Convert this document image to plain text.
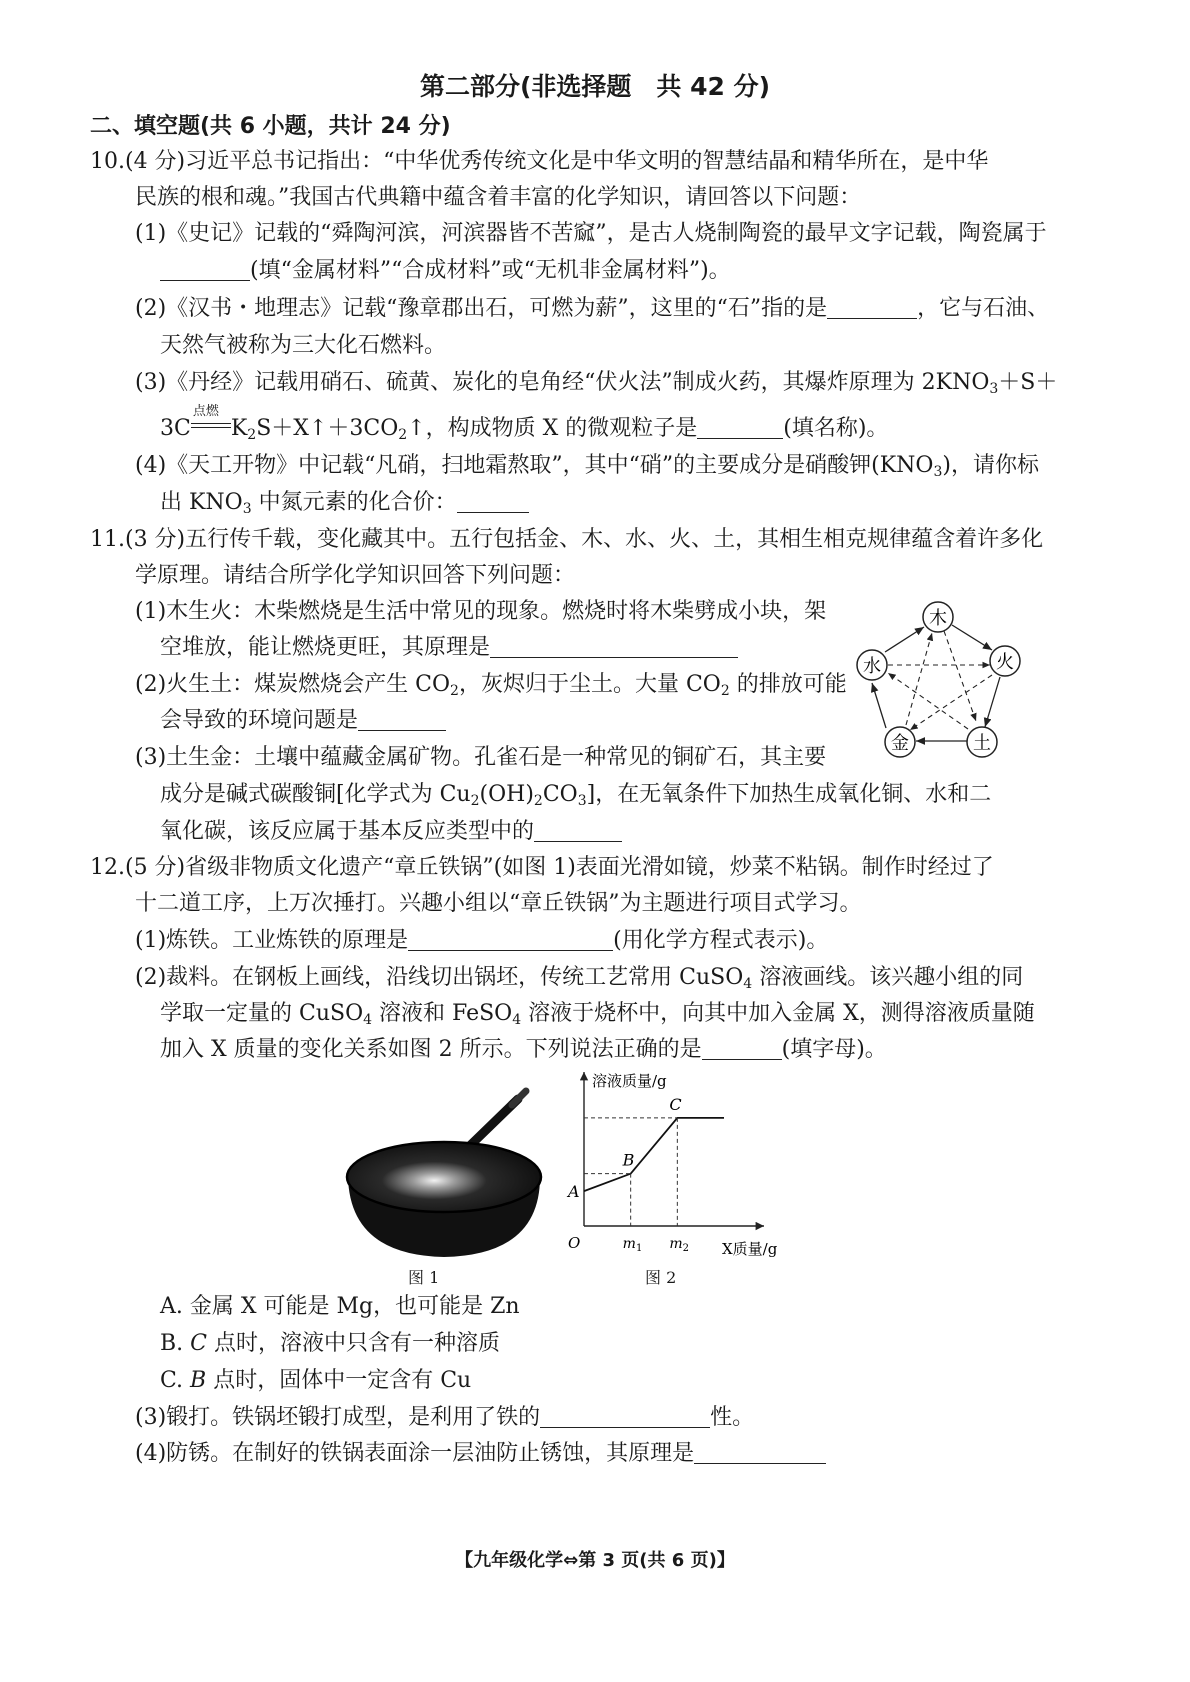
第二部分(非选择题　共 42 分)
二、填空题(共 6 小题，共计 24 分)
10.(4 分)习近平总书记指出：“中华优秀传统文化是中华文明的智慧结晶和精华所在，是中华
民族的根和魂。”我国古代典籍中蕴含着丰富的化学知识，请回答以下问题：
(1)《史记》记载的“舜陶河滨，河滨器皆不苦窳”，是古人烧制陶瓷的最早文字记载，陶瓷属于
(填“金属材料”“合成材料”或“无机非金属材料”)。
(2)《汉书・地理志》记载“豫章郡出石，可燃为薪”，这里的“石”指的是	，它与石油、
天然气被称为三大化石燃料。
(3)《丹经》记载用硝石、硫黄、炭化的皂角经“伏火法”制成火药，其爆炸原理为 $2KNO_3+S+$
3C
点燃
$K_2S+X↑+3CO_2↑$，构成物质 X 的微观粒子是	(填名称)。
(4)《天工开物》中记载“凡硝，扫地霜熬取”，其中“硝”的主要成分是硝酸钾$(KNO_3)$，请你标
出 $KNO_3$ 中氮元素的化合价：
11.(3 分)五行传千载，变化藏其中。五行包括金、木、水、火、土，其相生相克规律蕴含着许多化
学原理。请结合所学化学知识回答下列问题：
(1)木生火：木柴燃烧是生活中常见的现象。燃烧时将木柴劈成小块，架
空堆放，能让燃烧更旺，其原理是
(2)火生土：煤炭燃烧会产生 $CO_2$，灰烬归于尘土。大量 $CO_2$ 的排放可能
会导致的环境问题是
(3)土生金：土壤中蕴藏金属矿物。孔雀石是一种常见的铜矿石，其主要
成分是碱式碳酸铜[化学式为 $Cu_2(OH)_2CO_3$]，在无氧条件下加热生成氧化铜、水和二
氧化碳，该反应属于基本反应类型中的
木
火
土
金
水
12.(5 分)省级非物质文化遗产“章丘铁锅”(如图 1)表面光滑如镜，炒菜不粘锅。制作时经过了
十二道工序，上万次捶打。兴趣小组以“章丘铁锅”为主题进行项目式学习。
(1)炼铁。工业炼铁的原理是	(用化学方程式表示)。
(2)裁料。在钢板上画线，沿线切出锅坯，传统工艺常用 CuSO$_4$ 溶液画线。该兴趣小组的同
学取一定量的 CuSO$_4$ 溶液和 FeSO$_4$ 溶液于烧杯中，向其中加入金属 X，测得溶液质量随
加入 X 质量的变化关系如图 2 所示。下列说法正确的是	(填字母)。
图 1
溶液质量/g
X质量/g
O
A
B
C
$m_1$ $m_2$
图 2
A. 金属 X 可能是 Mg，也可能是 Zn
B. C 点时，溶液中只含有一种溶质
C. B 点时，固体中一定含有 Cu
(3)锻打。铁锅坯锻打成型，是利用了铁的	性。
(4)防锈。在制好的铁锅表面涂一层油防止锈蚀，其原理是
【九年级化学⇔第 3 页(共 6 页)】
